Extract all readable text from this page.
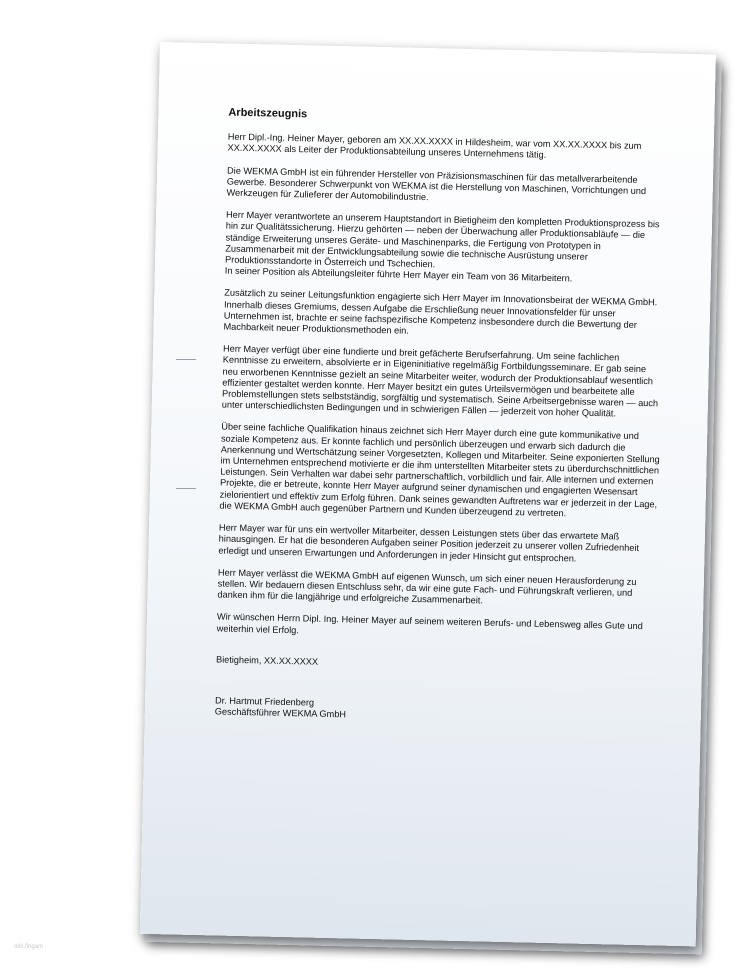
Arbeitszeugnis

Herr Dipl.-Ing. Heiner Mayer, geboren am XX.XX.XXXX in Hildesheim, war vom XX.XX.XXXX bis zum XX.XX.XXXX als Leiter der Produktionsabteilung unseres Unternehmens tätig.

Die WEKMA GmbH ist ein führender Hersteller von Präzisionsmaschinen für das metallverarbeitende Gewerbe. Besonderer Schwerpunkt von WEKMA ist die Herstellung von Maschinen, Vorrichtungen und Werkzeugen für Zulieferer der Automobilindustrie.

Herr Mayer verantwortete an unserem Hauptstandort in Bietigheim den kompletten Produktionsprozess bis hin zur Qualitätssicherung. Hierzu gehörten — neben der Überwachung aller Produktionsabläufe — die ständige Erweiterung unseres Geräte- und Maschinenparks, die Fertigung von Prototypen in Zusammenarbeit mit der Entwicklungsabteilung sowie die technische Ausrüstung unserer Produktionsstandorte in Österreich und Tschechien.

In seiner Position als Abteilungsleiter führte Herr Mayer ein Team von 36 Mitarbeitern.

Zusätzlich zu seiner Leitungsfunktion engagierte sich Herr Mayer im Innovationsbeirat der WEKMA GmbH. Innerhalb dieses Gremiums, dessen Aufgabe die Erschließung neuer Innovationsfelder für unser Unternehmen ist, brachte er seine fachspezifische Kompetenz insbesondere durch die Bewertung der Machbarkeit neuer Produktionsmethoden ein.

Herr Mayer verfügt über eine fundierte und breit gefächerte Berufserfahrung. Um seine fachlichen Kenntnisse zu erweitern, absolvierte er in Eigeninitiative regelmäßig Fortbildungsseminare. Er gab seine neu erworbenen Kenntnisse gezielt an seine Mitarbeiter weiter, wodurch der Produktionsablauf wesentlich effizienter gestaltet werden konnte. Herr Mayer besitzt ein gutes Urteilsvermögen und bearbeitete alle Problemstellungen stets selbstständig, sorgfältig und systematisch. Seine Arbeitsergebnisse waren — auch unter unterschiedlichsten Bedingungen und in schwierigen Fällen — jederzeit von hoher Qualität.

Über seine fachliche Qualifikation hinaus zeichnet sich Herr Mayer durch eine gute kommunikative und soziale Kompetenz aus. Er konnte fachlich und persönlich überzeugen und erwarb sich dadurch die Anerkennung und Wertschätzung seiner Vorgesetzten, Kollegen und Mitarbeiter. Seine exponierten Stellung im Unternehmen entsprechend motivierte er die ihm unterstellten Mitarbeiter stets zu überdurchschnittlichen Leistungen. Sein Verhalten war dabei sehr partnerschaftlich, vorbildlich und fair. Alle internen und externen Projekte, die er betreute, konnte Herr Mayer aufgrund seiner dynamischen und engagierten Wesensart zielorientiert und effektiv zum Erfolg führen. Dank seines gewandten Auftretens war er jederzeit in der Lage, die WEKMA GmbH auch gegenüber Partnern und Kunden überzeugend zu vertreten.

Herr Mayer war für uns ein wertvoller Mitarbeiter, dessen Leistungen stets über das erwartete Maß hinausgingen. Er hat die besonderen Aufgaben seiner Position jederzeit zu unserer vollen Zufriedenheit erledigt und unseren Erwartungen und Anforderungen in jeder Hinsicht gut entsprochen.

Herr Mayer verlässt die WEKMA GmbH auf eigenen Wunsch, um sich einer neuen Herausforderung zu stellen. Wir bedauern diesen Entschluss sehr, da wir eine gute Fach- und Führungskraft verlieren, und danken ihm für die langjährige und erfolgreiche Zusammenarbeit.

Wir wünschen Herrn Dipl. Ing. Heiner Mayer auf seinem weiteren Berufs- und Lebensweg alles Gute und weiterhin viel Erfolg.

Bietigheim, XX.XX.XXXX

Dr. Hartmut Friedenberg

Geschäftsführer WEKMA GmbH

ollo.fingam
